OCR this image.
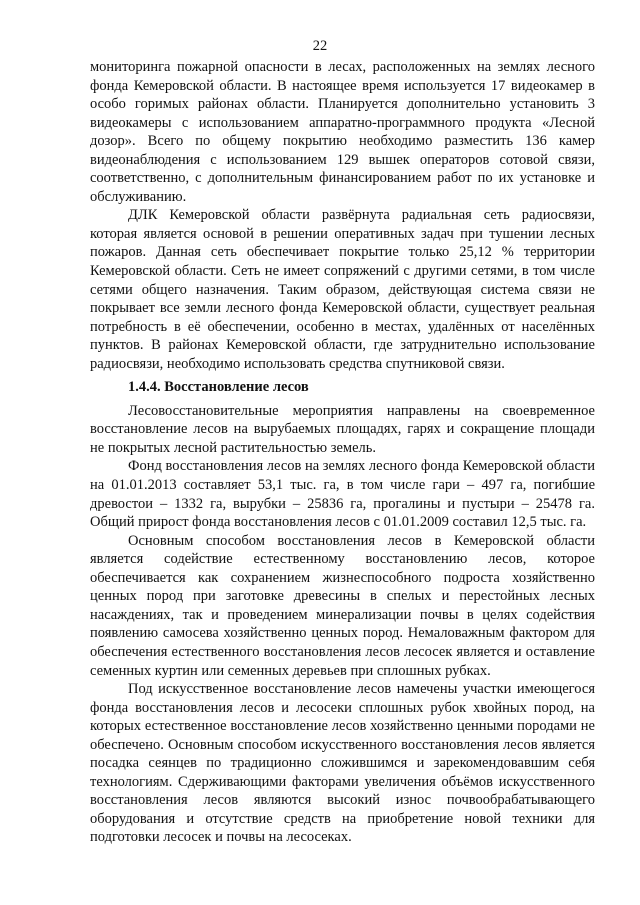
22

мониторинга пожарной опасности в лесах, расположенных на землях лесного фонда Кемеровской области. В настоящее время используется 17 видеокамер в особо горимых районах области. Планируется дополнительно установить 3 видеокамеры с использованием аппаратно-программного продукта «Лесной дозор». Всего по общему покрытию необходимо разместить 136 камер видеонаблюдения с использованием 129 вышек операторов сотовой связи, соответственно, с дополнительным финансированием работ по их установке и обслуживанию.

ДЛК Кемеровской области развёрнута радиальная сеть радиосвязи, которая является основой в решении оперативных задач при тушении лесных пожаров. Данная сеть обеспечивает покрытие только 25,12 % территории Кемеровской области. Сеть не имеет сопряжений с другими сетями, в том числе сетями общего назначения. Таким образом, действующая система связи не покрывает все земли лесного фонда Кемеровской области, существует реальная потребность в её обеспечении, особенно в местах, удалённых от населённых пунктов. В районах Кемеровской области, где затруднительно использование радиосвязи, необходимо использовать средства спутниковой связи.

1.4.4. Восстановление лесов

Лесовосстановительные мероприятия направлены на своевременное восстановление лесов на вырубаемых площадях, гарях и сокращение площади не покрытых лесной растительностью земель.

Фонд восстановления лесов на землях лесного фонда Кемеровской области на 01.01.2013 составляет 53,1 тыс. га, в том числе гари – 497 га, погибшие древостои – 1332 га, вырубки – 25836 га, прогалины и пустыри – 25478 га. Общий прирост фонда восстановления лесов с 01.01.2009 составил 12,5 тыс. га.

Основным способом восстановления лесов в Кемеровской области является содействие естественному восстановлению лесов, которое обеспечивается как сохранением жизнеспособного подроста хозяйственно ценных пород при заготовке древесины в спелых и перестойных лесных насаждениях, так и проведением минерализации почвы в целях содействия появлению самосева хозяйственно ценных пород. Немаловажным фактором для обеспечения естественного восстановления лесов лесосек является и оставление семенных куртин или семенных деревьев при сплошных рубках.

Под искусственное восстановление лесов намечены участки имеющегося фонда восстановления лесов и лесосеки сплошных рубок хвойных пород, на которых естественное восстановление лесов хозяйственно ценными породами не обеспечено. Основным способом искусственного восстановления лесов является посадка сеянцев по традиционно сложившимся и зарекомендовавшим себя технологиям. Сдерживающими факторами увеличения объёмов искусственного восстановления лесов являются высокий износ почвообрабатывающего оборудования и отсутствие средств на приобретение новой техники для подготовки лесосек и почвы на лесосеках.
